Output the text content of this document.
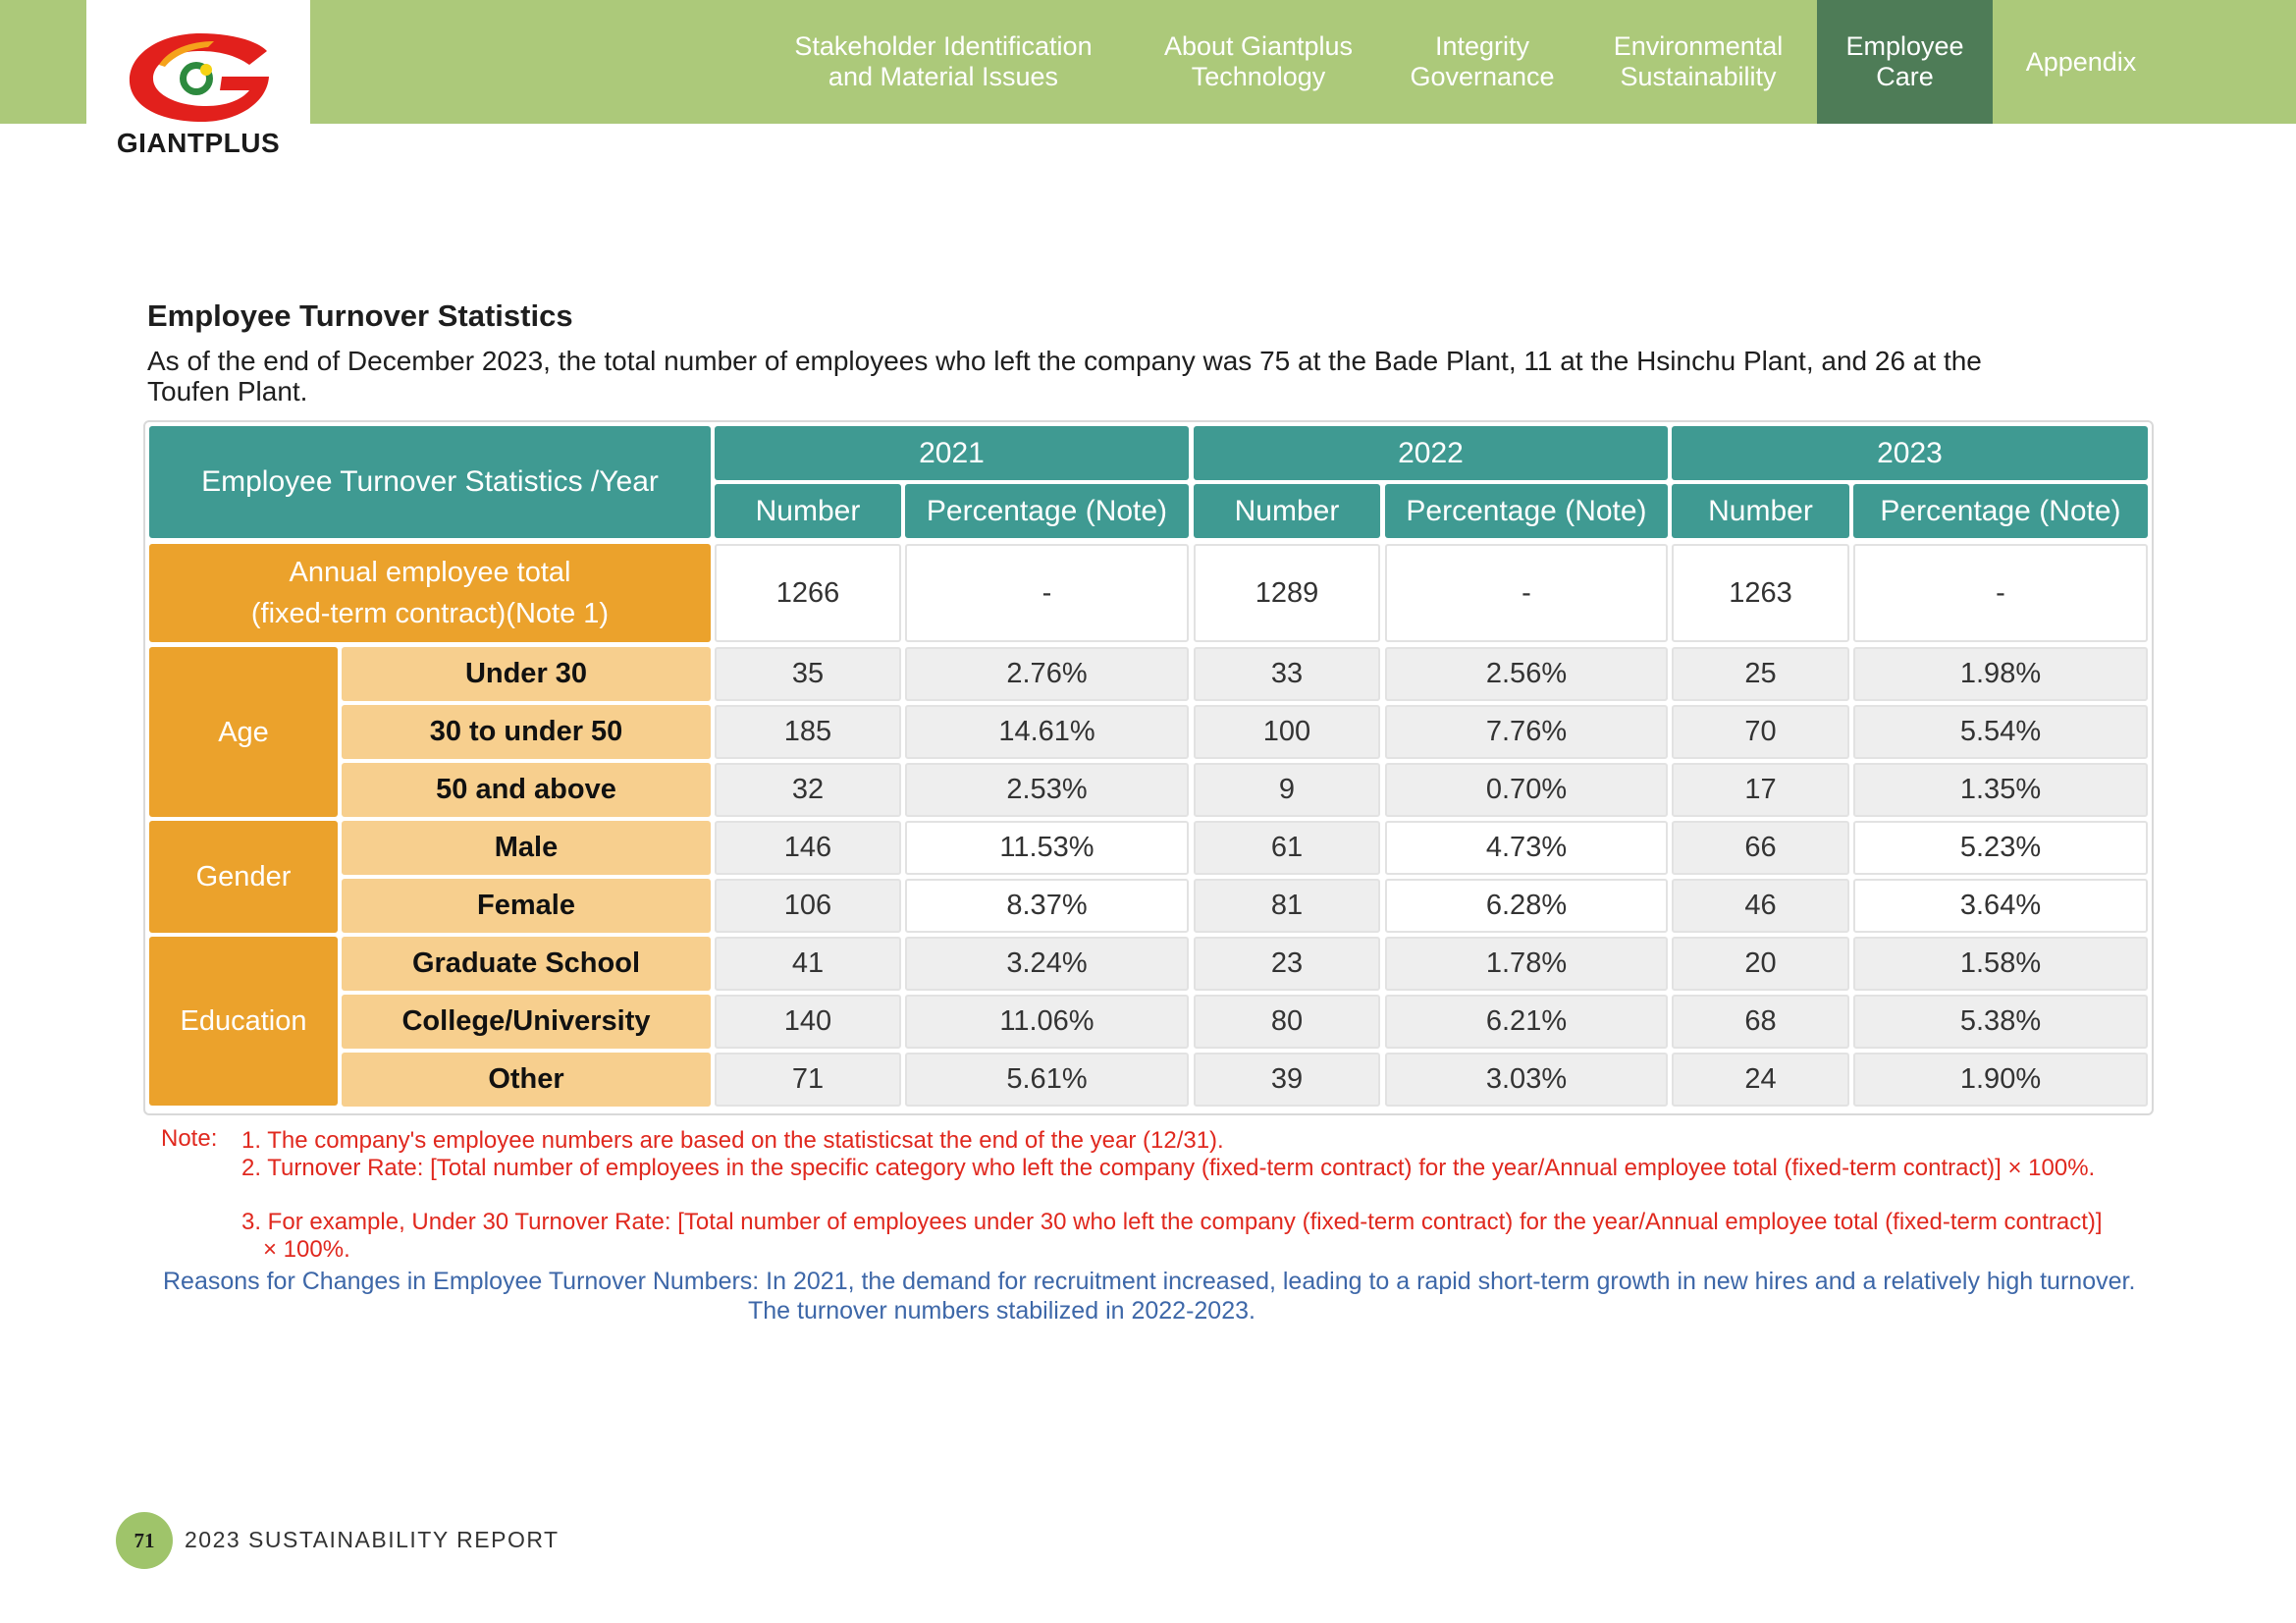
GIANTPLUS
Stakeholder Identification
and Material Issues
About Giantplus
Technology
Integrity
Governance
Environmental
Sustainability
Employee
Care
Appendix
Employee Turnover Statistics
As of the end of December 2023, the total number of employees who left the company was 75 at the Bade Plant, 11 at the Hsinchu Plant, and 26 at the Toufen Plant.
Employee Turnover Statistics /Year
2021	2022	2023
Number	Percentage (Note)	Number	Percentage (Note)	Number	Percentage (Note)
Annual employee total
(fixed-term contract)(Note 1)
1266	-	1289	-	1263	-
Age
Gender
Education
Under 30	35	2.76%	33	2.56%	25	1.98%
30 to under 50	185	14.61%	100	7.76%	70	5.54%
50 and above	32	2.53%	9	0.70%	17	1.35%
Male	146	11.53%	61	4.73%	66	5.23%
Female	106	8.37%	81	6.28%	46	3.64%
Graduate School	41	3.24%	23	1.78%	20	1.58%
College/University	140	11.06%	80	6.21%	68	5.38%
Other	71	5.61%	39	3.03%	24	1.90%
Note: 1. The company's employee numbers are based on the statisticsat the end of the year (12/31).
2. Turnover Rate: [Total number of employees in the specific category who left the company (fixed-term contract) for the year/Annual employee total (fixed-term contract)] × 100%.
3. For example, Under 30 Turnover Rate: [Total number of employees under 30 who left the company (fixed-term contract) for the year/Annual employee total (fixed-term contract)] × 100%.
Reasons for Changes in Employee Turnover Numbers: In 2021, the demand for recruitment increased, leading to a rapid short-term growth in new hires and a relatively high turnover.
The turnover numbers stabilized in 2022-2023.
71	2023 SUSTAINABILITY REPORT
